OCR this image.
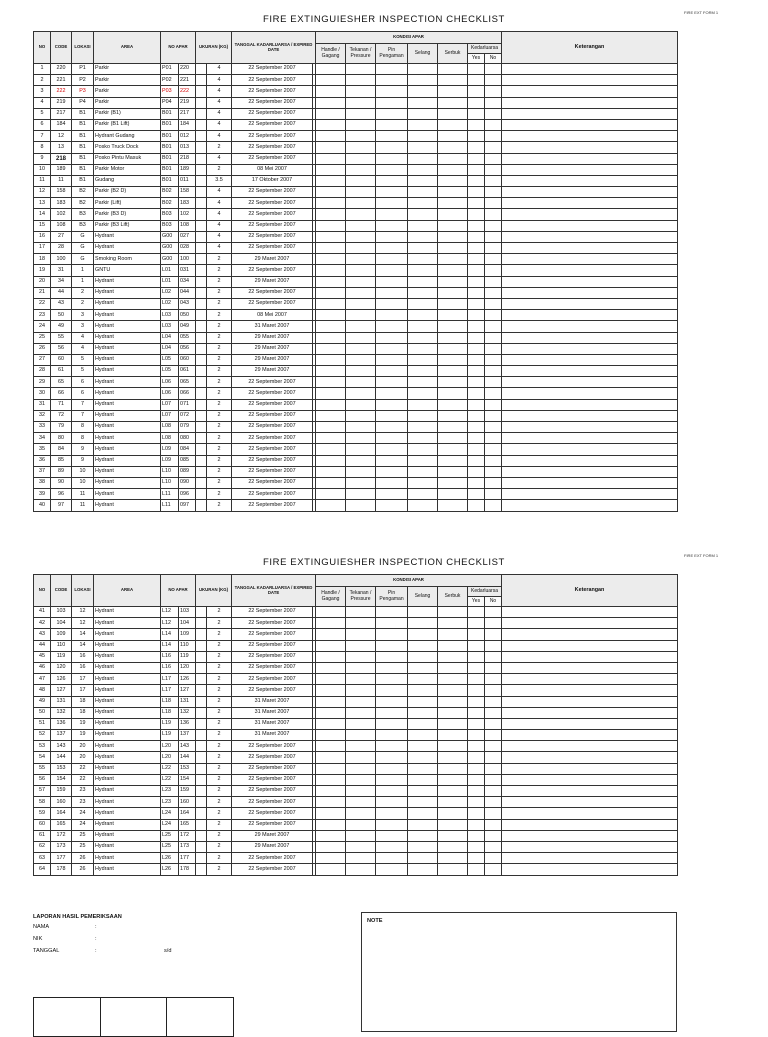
FIRE EXT FORM 1
FIRE EXTINGUIESHER INSPECTION CHECKLIST
NO	CODE	LOKASI	AREA	NO APAR		UKURAN (KG)		TANGGAL KADARLUARSA / EXPIRED DATE		KONDISI APAR							Keterangan
										Handle / Gagang	Tekanan / Pressure	Pin Pengaman	Selang	Serbuk	Kedarluarsa		
															Yes	No	
1	220	P1	Parkir	P01	220		4	22 September 2007									
2	221	P2	Parkir	P02	221		4	22 September 2007									
3	222	P3	Parkir	P03	222		4	22 September 2007									
4	219	P4	Parkir	P04	219		4	22 September 2007									
5	217	B1	Parkir (B1)	B01	217		4	22 September 2007									
6	184	B1	Parkir (B1 Lift)	B01	184		4	22 September 2007									
7	12	B1	Hydrant Gudang	B01	012		4	22 September 2007									
8	13	B1	Posko Truck Dock	B01	013		2	22 September 2007									
9	218	B1	Posko Pintu Masuk	B01	218		4	22 September 2007									
10	189	B1	Parkir Motor	B01	189		2	08 Mei 2007									
11	11	B1	Gudang	B01	011		3.5	17 Oktober 2007									
12	158	B2	Parkir (B2 D)	B02	158		4	22 September 2007									
13	183	B2	Parkir (Lift)	B02	183		4	22 September 2007									
14	102	B3	Parkir (B3 D)	B03	102		4	22 September 2007									
15	108	B3	Parkir (B3 Lift)	B03	108		4	22 September 2007									
16	27	G	Hydrant	G00	027		4	22 September 2007									
17	28	G	Hydrant	G00	028		4	22 September 2007									
18	100	G	Smoking Room	G00	100		2	29 Maret 2007									
19	31	1	GNTU	L01	031		2	22 September 2007									
20	34	1	Hydrant	L01	034		2	29 Maret 2007									
21	44	2	Hydrant	L02	044		2	22 September 2007									
22	43	2	Hydrant	L02	043		2	22 September 2007									
23	50	3	Hydrant	L03	050		2	08 Mei 2007									
24	49	3	Hydrant	L03	049		2	31 Maret 2007									
25	55	4	Hydrant	L04	055		2	29 Maret 2007									
26	56	4	Hydrant	L04	056		2	29 Maret 2007									
27	60	5	Hydrant	L05	060		2	29 Maret 2007									
28	61	5	Hydrant	L05	061		2	29 Maret 2007									
29	65	6	Hydrant	L06	065		2	22 September 2007									
30	66	6	Hydrant	L06	066		2	22 September 2007									
31	71	7	Hydrant	L07	071		2	22 September 2007									
32	72	7	Hydrant	L07	072		2	22 September 2007									
33	79	8	Hydrant	L08	079		2	22 September 2007									
34	80	8	Hydrant	L08	080		2	22 September 2007									
35	84	9	Hydrant	L09	084		2	22 September 2007									
36	85	9	Hydrant	L09	085		2	22 September 2007									
37	89	10	Hydrant	L10	089		2	22 September 2007									
38	90	10	Hydrant	L10	090		2	22 September 2007									
39	96	11	Hydrant	L11	096		2	22 September 2007									
40	97	11	Hydrant	L11	097		2	22 September 2007									
FIRE EXT FORM 1
FIRE EXTINGUIESHER INSPECTION CHECKLIST
NO	CODE	LOKASI	AREA	NO APAR		UKURAN (KG)		TANGGAL KADARLUARSA / EXPIRED DATE		KONDISI APAR							Keterangan
										Handle / Gagang	Tekanan / Pressure	Pin Pengaman	Selang	Serbuk	Kedarluarsa		
															Yes	No	
41	103	12	Hydrant	L12	103		2	22 September 2007									
42	104	12	Hydrant	L12	104		2	22 September 2007									
43	109	14	Hydrant	L14	109		2	22 September 2007									
44	110	14	Hydrant	L14	110		2	22 September 2007									
45	119	16	Hydrant	L16	119		2	22 September 2007									
46	120	16	Hydrant	L16	120		2	22 September 2007									
47	126	17	Hydrant	L17	126		2	22 September 2007									
48	127	17	Hydrant	L17	127		2	22 September 2007									
49	131	18	Hydrant	L18	131		2	31 Maret 2007									
50	132	18	Hydrant	L18	132		2	31 Maret 2007									
51	136	19	Hydrant	L19	136		2	31 Maret 2007									
52	137	19	Hydrant	L19	137		2	31 Maret 2007									
53	143	20	Hydrant	L20	143		2	22 September 2007									
54	144	20	Hydrant	L20	144		2	22 September 2007									
55	153	22	Hydrant	L22	153		2	22 September 2007									
56	154	22	Hydrant	L22	154		2	22 September 2007									
57	159	23	Hydrant	L23	159		2	22 September 2007									
58	160	23	Hydrant	L23	160		2	22 September 2007									
59	164	24	Hydrant	L24	164		2	22 September 2007									
60	165	24	Hydrant	L24	165		2	22 September 2007									
61	172	25	Hydrant	L25	172		2	29 Maret 2007									
62	173	25	Hydrant	L25	173		2	29 Maret 2007									
63	177	26	Hydrant	L26	177		2	22 September 2007									
64	178	26	Hydrant	L26	178		2	22 September 2007									
LAPORAN HASIL PEMERIKSAAN
NAMA	:
NIK	:
TANGGAL	:	s/d
NOTE
